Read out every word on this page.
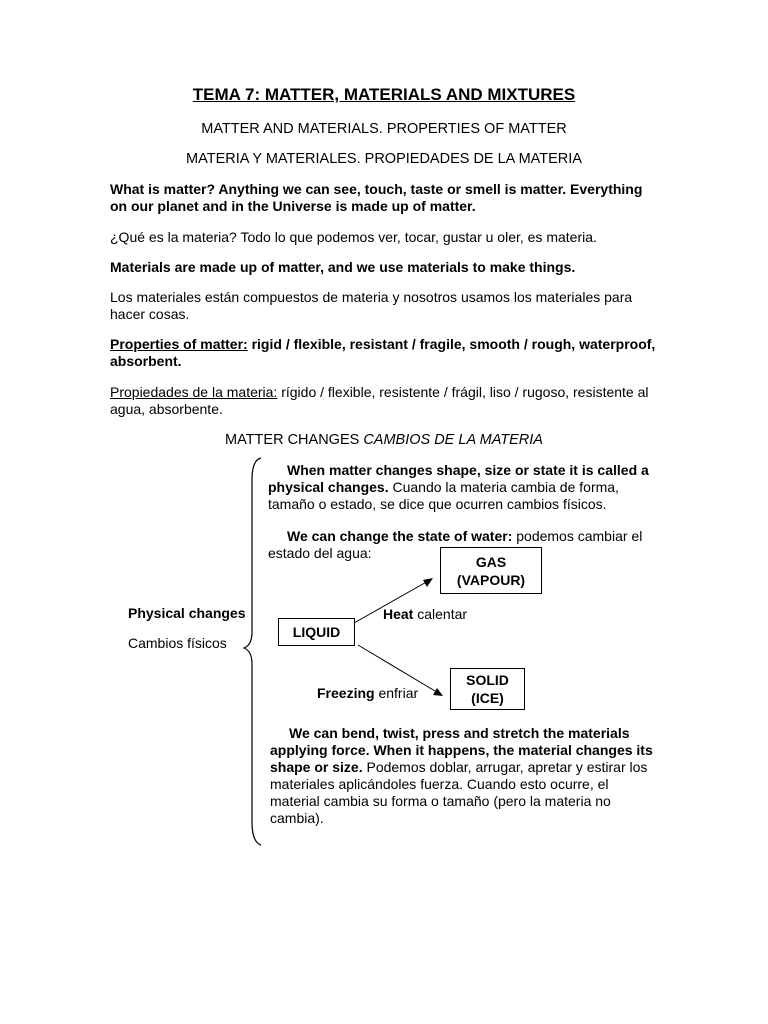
TEMA 7: MATTER, MATERIALS AND MIXTURES
MATTER AND MATERIALS. PROPERTIES OF MATTER
MATERIA Y MATERIALES. PROPIEDADES DE LA MATERIA
What is matter? Anything we can see, touch, taste or smell is matter. Everything on our planet and in the Universe is made up of matter.
¿Qué es la materia? Todo lo que podemos ver, tocar, gustar u oler, es materia.
Materials are made up of matter, and we use materials to make things.
Los materiales están compuestos de materia y nosotros usamos los materiales para hacer cosas.
Properties of matter: rigid / flexible, resistant / fragile, smooth / rough, waterproof, absorbent.
Propiedades de la materia: rígido / flexible, resistente / frágil, liso / rugoso, resistente al agua, absorbente.
MATTER CHANGES CAMBIOS DE LA MATERIA
Physical changes
Cambios físicos
When matter changes shape, size or state it is called a physical changes. Cuando la materia cambia de forma, tamaño o estado, se dice que ocurren cambios físicos.
We can change the state of water: podemos cambiar el estado del agua:
GAS
(VAPOUR)
LIQUID
SOLID
(ICE)
Heat calentar
Freezing enfriar
We can bend, twist, press and stretch the materials applying force. When it happens, the material changes its shape or size. Podemos doblar, arrugar, apretar y estirar los materiales aplicándoles fuerza. Cuando esto ocurre, el material cambia su forma o tamaño (pero la materia no cambia).
